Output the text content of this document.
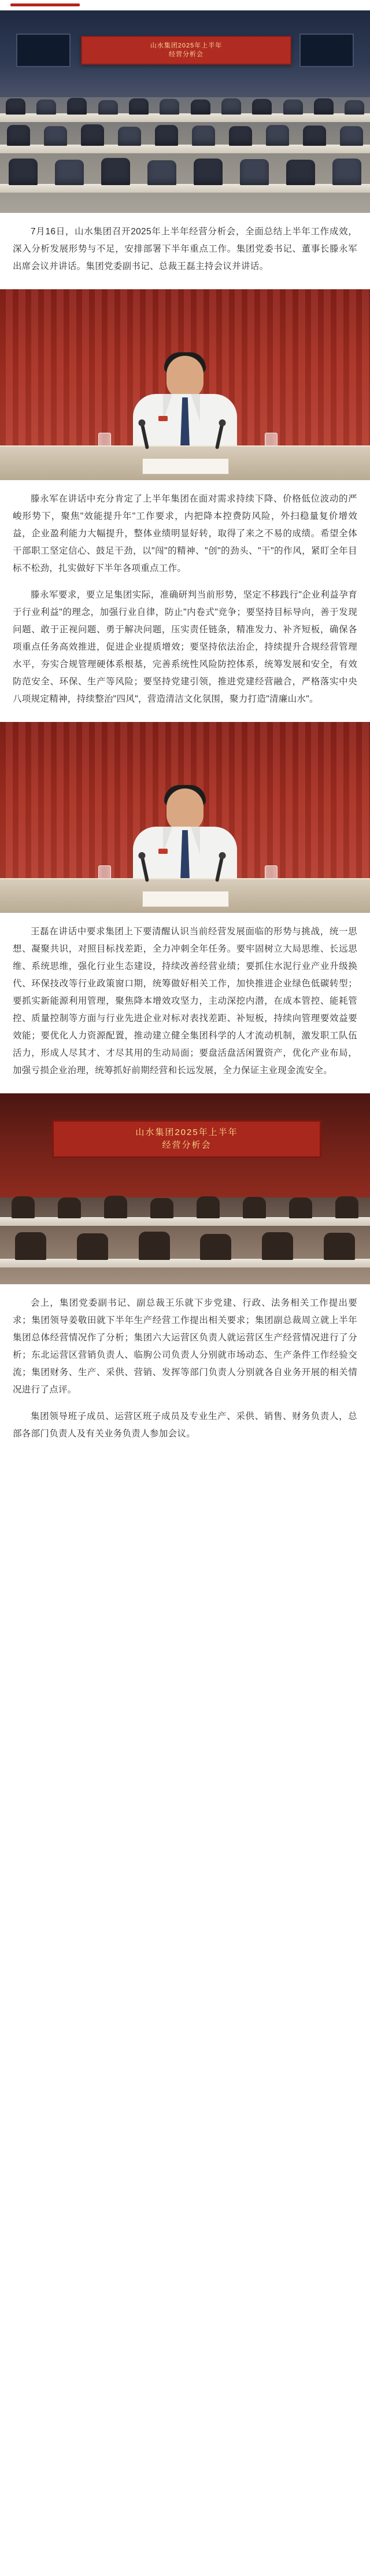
山水集团2025年上半年
经营分析会

7月16日，山水集团召开2025年上半年经营分析会，全面总结上半年工作成效，深入分析发展形势与不足，安排部署下半年重点工作。集团党委书记、董事长滕永军出席会议并讲话。集团党委副书记、总裁王磊主持会议并讲话。

滕永军在讲话中充分肯定了上半年集团在面对需求持续下降、价格低位波动的严峻形势下，聚焦"效能提升年"工作要求，内把降本控费防风险，外扫稳量复价增效益，企业盈利能力大幅提升，整体业绩明显好转，取得了来之不易的成绩。希望全体干部职工坚定信心、鼓足干劲，以"闯"的精神、"创"的劲头、"干"的作风，紧盯全年目标不松劲，扎实做好下半年各项重点工作。

滕永军要求，要立足集团实际，准确研判当前形势，坚定不移践行"企业利益孕育于行业利益"的理念，加强行业自律，防止"内卷式"竞争；要坚持目标导向，善于发现问题、敢于正视问题、勇于解决问题，压实责任链条，精准发力、补齐短板，确保各项重点任务高效推进，促进企业提质增效；要坚持依法治企，持续提升合规经营管理水平，夯实合规管理硬体系根基，完善系统性风险防控体系，统筹发展和安全，有效防范安全、环保、生产等风险；要坚持党建引领，推进党建经营融合，严格落实中央八项规定精神，持续整治"四风"，营造清洁文化氛围，聚力打造"清廉山水"。

王磊在讲话中要求集团上下要清醒认识当前经营发展面临的形势与挑战，统一思想、凝聚共识，对照目标找差距，全力冲刺全年任务。要牢固树立大局思维、长远思维、系统思维，强化行业生态建设，持续改善经营业绩；要抓住水泥行业产业升级换代、环保技改等行业政策窗口期，统筹做好相关工作，加快推进企业绿色低碳转型；要抓实新能源利用管理，聚焦降本增效攻坚力，主动深挖内潜，在成本管控、能耗管控、质量控制等方面与行业先进企业对标对表找差距、补短板，持续向管理要效益要效能；要优化人力资源配置，推动建立健全集团科学的人才流动机制，激发职工队伍活力，形成人尽其才、才尽其用的生动局面；要盘活盘活闲置资产，优化产业布局，加强亏损企业治理，统筹抓好前期经营和长远发展，全力保证主业现金流安全。

山水集团2025年上半年
经营分析会

会上，集团党委副书记、副总裁王乐就下步党建、行政、法务相关工作提出要求；集团领导姜敬田就下半年生产经营工作提出相关要求；集团副总裁周立就上半年集团总体经营情况作了分析；集团六大运营区负责人就运营区生产经营情况进行了分析；东北运营区营销负责人、临朐公司负责人分别就市场动态、生产条件工作经验交流；集团财务、生产、采供、营销、发挥等部门负责人分别就各自业务开展的相关情况进行了点评。

集团领导班子成员、运营区班子成员及专业生产、采供、销售、财务负责人，总部各部门负责人及有关业务负责人参加会议。
